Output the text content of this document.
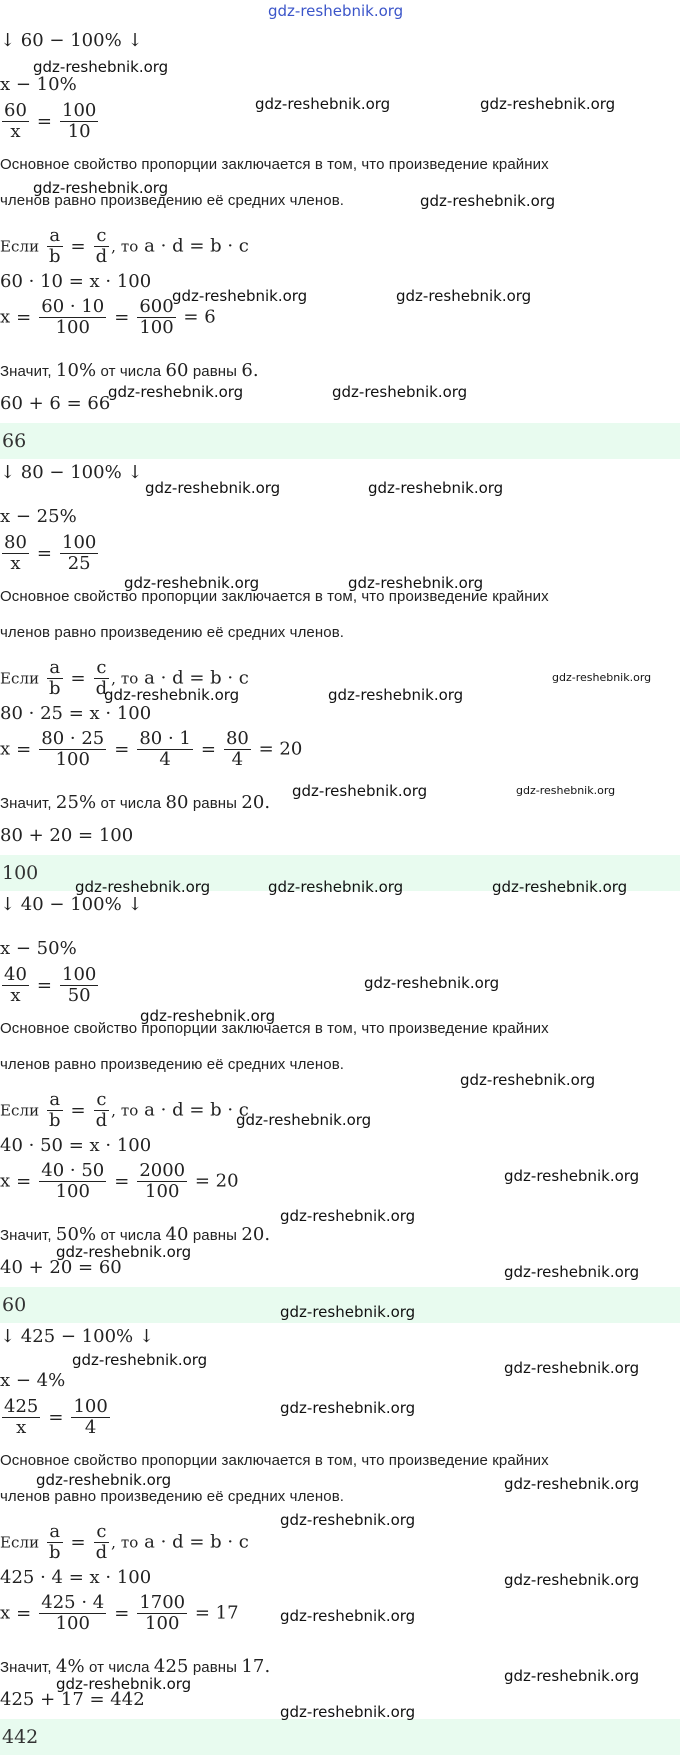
↓ 60 − 100% ↓
x − 10%
$\frac{60}{x} = \frac{100}{10}$
Основное свойство пропорции заключается в том, что произведение крайних
членов равно произведению её средних членов.
Если $\frac{a}{b} = \frac{c}{d}$ , то a · d = b · c
60 · 10 = x · 100
$x = \frac{60 \cdot 10}{100} = \frac{600}{100} = 6$
Значит, 10% от числа 60 равны 6.
60 + 6 = 66
66
↓ 80 − 100% ↓
x − 25%
$\frac{80}{x} = \frac{100}{25}$
Основное свойство пропорции заключается в том, что произведение крайних
членов равно произведению её средних членов.
Если $\frac{a}{b} = \frac{c}{d}$ , то a · d = b · c
80 · 25 = x · 100
$x = \frac{80 \cdot 25}{100} = \frac{80 \cdot 1}{4} = \frac{80}{4} = 20$
Значит, 25% от числа 80 равны 20.
80 + 20 = 100
100
↓ 40 − 100% ↓
x − 50%
$\frac{40}{x} = \frac{100}{50}$
Основное свойство пропорции заключается в том, что произведение крайних
членов равно произведению её средних членов.
Если $\frac{a}{b} = \frac{c}{d}$ , то a · d = b · c
40 · 50 = x · 100
$x = \frac{40 \cdot 50}{100} = \frac{2000}{100} = 20$
Значит, 50% от числа 40 равны 20.
40 + 20 = 60
60
↓ 425 − 100% ↓
x − 4%
$\frac{425}{x} = \frac{100}{4}$
Основное свойство пропорции заключается в том, что произведение крайних
членов равно произведению её средних членов.
Если $\frac{a}{b} = \frac{c}{d}$ , то a · d = b · c
425 · 4 = x · 100
$x = \frac{425 \cdot 4}{100} = \frac{1700}{100} = 17$
Значит, 4% от числа 425 равны 17.
425 + 17 = 442
442
gdz-reshebnik.org
gdz-reshebnik.org
gdz-reshebnik.org	gdz-reshebnik.org
gdz-reshebnik.org
gdz-reshebnik.org
gdz-reshebnik.org	gdz-reshebnik.org
gdz-reshebnik.org	gdz-reshebnik.org
gdz-reshebnik.org	gdz-reshebnik.org
gdz-reshebnik.org	gdz-reshebnik.org
gdz-reshebnik.org
gdz-reshebnik.org	gdz-reshebnik.org
gdz-reshebnik.org	gdz-reshebnik.org
gdz-reshebnik.org	gdz-reshebnik.org	gdz-reshebnik.org
gdz-reshebnik.org
gdz-reshebnik.org
gdz-reshebnik.org
gdz-reshebnik.org
gdz-reshebnik.org
gdz-reshebnik.org
gdz-reshebnik.org
gdz-reshebnik.org
gdz-reshebnik.org
gdz-reshebnik.org	gdz-reshebnik.org
gdz-reshebnik.org
gdz-reshebnik.org	gdz-reshebnik.org
gdz-reshebnik.org
gdz-reshebnik.org
gdz-reshebnik.org
gdz-reshebnik.org	gdz-reshebnik.org
gdz-reshebnik.org
